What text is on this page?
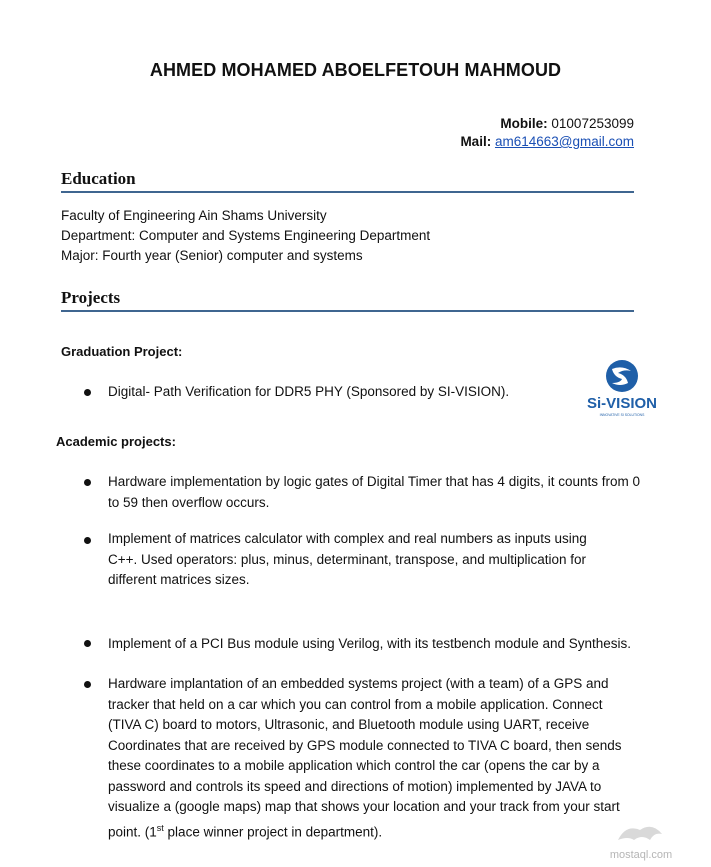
AHMED MOHAMED ABOELFETOUH MAHMOUD
Mobile: 01007253099
Mail: am614663@gmail.com
Education
Faculty of Engineering Ain Shams University
Department: Computer and Systems Engineering Department
Major: Fourth year (Senior) computer and systems
Projects
Graduation Project:
Digital- Path Verification for DDR5 PHY (Sponsored by SI-VISION).
Si-VISION
INNOVATIVE SI SOLUTIONS
Academic projects:
Hardware implementation by logic gates of Digital Timer that has 4 digits, it counts from 0 to 59 then overflow occurs.
Implement of matrices calculator with complex and real numbers as inputs using C++. Used operators: plus, minus, determinant, transpose, and multiplication for different matrices sizes.
Implement of a PCI Bus module using Verilog, with its testbench module and Synthesis.
Hardware implantation of an embedded systems project (with a team) of a GPS and tracker that held on a car which you can control from a mobile application. Connect (TIVA C) board to motors, Ultrasonic, and Bluetooth module using UART, receive Coordinates that are received by GPS module connected to TIVA C board, then sends these coordinates to a mobile application which control the car (opens the car by a password and controls its speed and directions of motion) implemented by JAVA to visualize a (google maps) map that shows your location and your track from your start point. (1st place winner project in department).
mostaql.com
